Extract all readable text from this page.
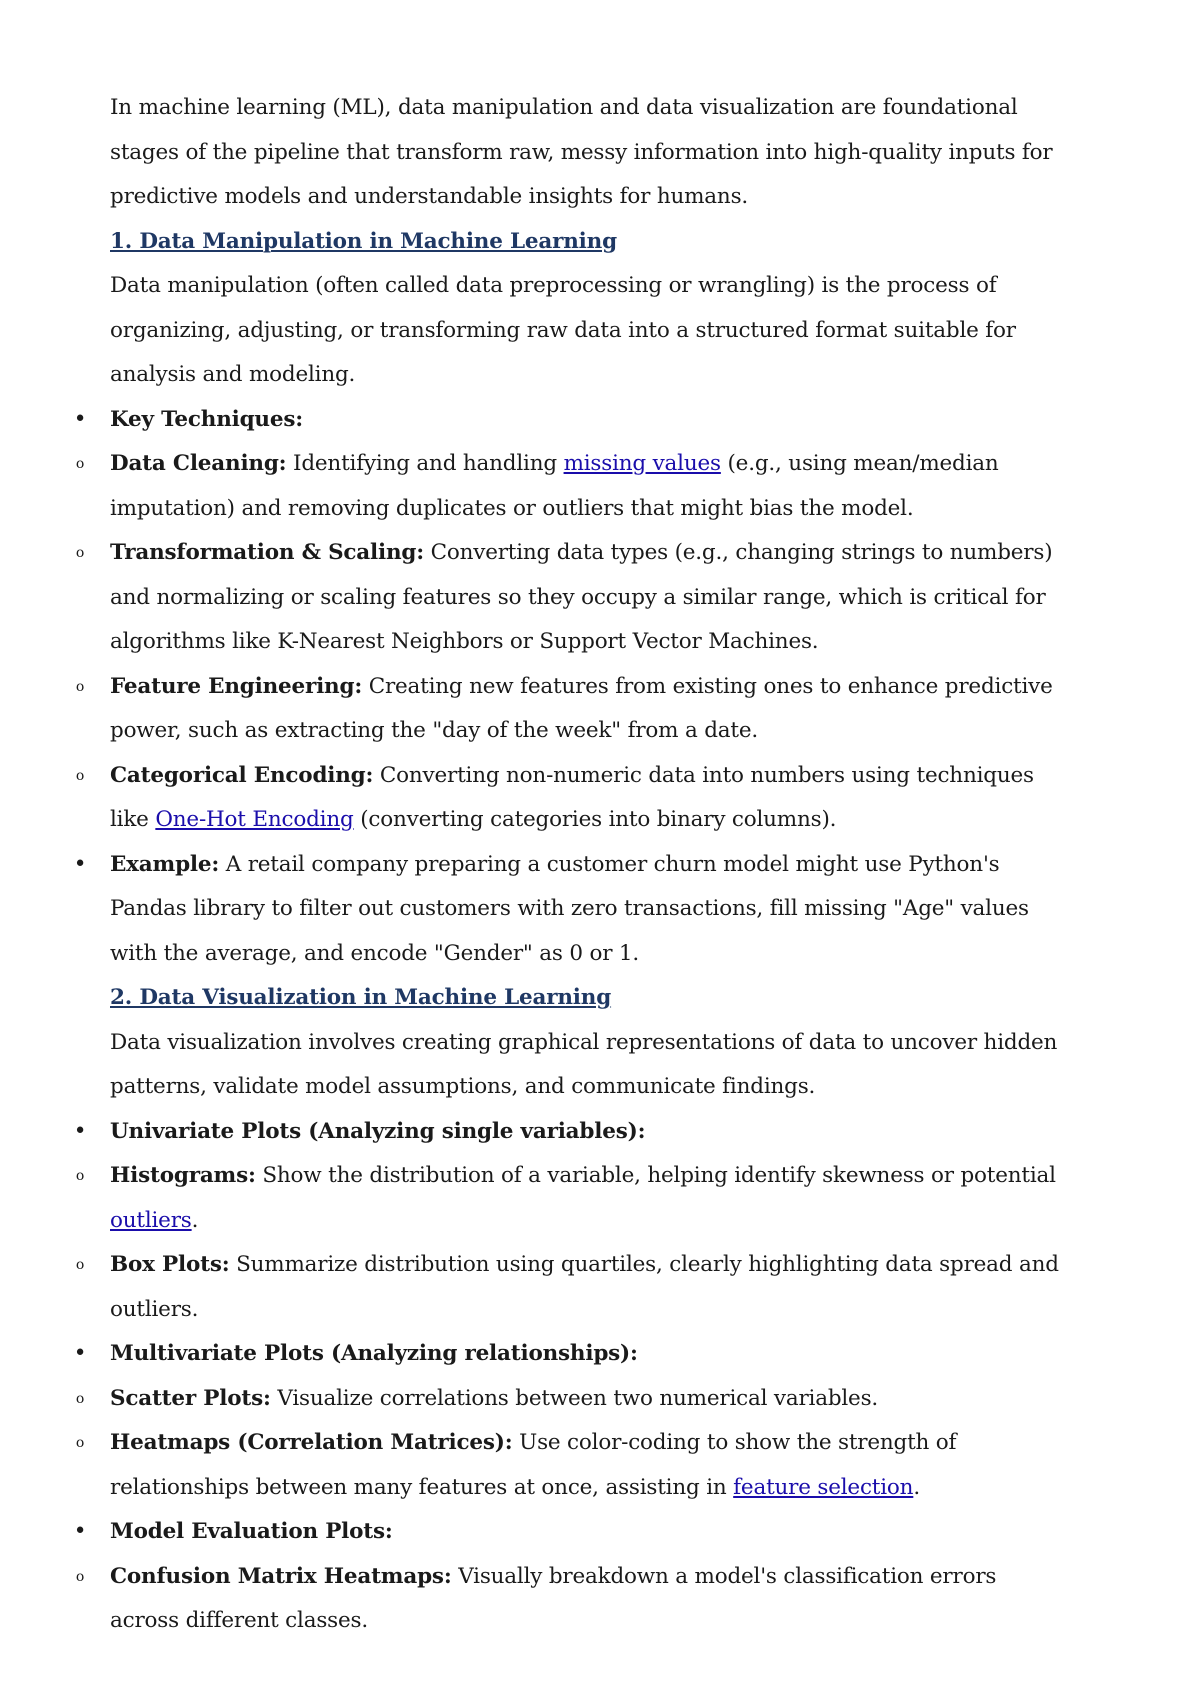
In machine learning (ML), data manipulation and data visualization are foundational stages of the pipeline that transform raw, messy information into high-quality inputs for predictive models and understandable insights for humans.

1. Data Manipulation in Machine Learning

Data manipulation (often called data preprocessing or wrangling) is the process of organizing, adjusting, or transforming raw data into a structured format suitable for analysis and modeling.

• Key Techniques:
o Data Cleaning: Identifying and handling missing values (e.g., using mean/median imputation) and removing duplicates or outliers that might bias the model.
o Transformation & Scaling: Converting data types (e.g., changing strings to numbers) and normalizing or scaling features so they occupy a similar range, which is critical for algorithms like K-Nearest Neighbors or Support Vector Machines.
o Feature Engineering: Creating new features from existing ones to enhance predictive power, such as extracting the "day of the week" from a date.
o Categorical Encoding: Converting non-numeric data into numbers using techniques like One-Hot Encoding (converting categories into binary columns).
• Example: A retail company preparing a customer churn model might use Python's Pandas library to filter out customers with zero transactions, fill missing "Age" values with the average, and encode "Gender" as 0 or 1.

2. Data Visualization in Machine Learning

Data visualization involves creating graphical representations of data to uncover hidden patterns, validate model assumptions, and communicate findings.

• Univariate Plots (Analyzing single variables):
o Histograms: Show the distribution of a variable, helping identify skewness or potential outliers.
o Box Plots: Summarize distribution using quartiles, clearly highlighting data spread and outliers.
• Multivariate Plots (Analyzing relationships):
o Scatter Plots: Visualize correlations between two numerical variables.
o Heatmaps (Correlation Matrices): Use color-coding to show the strength of relationships between many features at once, assisting in feature selection.
• Model Evaluation Plots:
o Confusion Matrix Heatmaps: Visually breakdown a model's classification errors across different classes.
